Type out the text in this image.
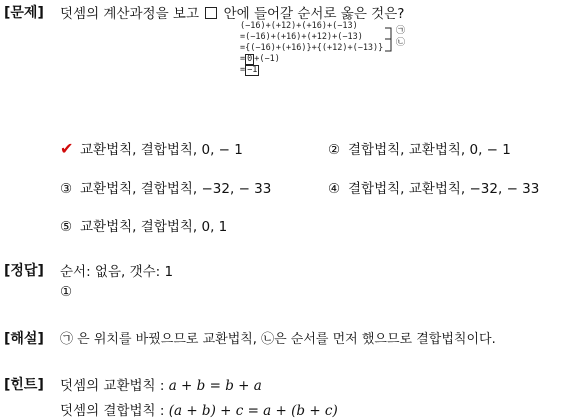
[문제] 덧셈의 계산과정을 보고 안에 들어갈 순서로 옳은 것은?
(−16)+(+12)+(+16)+(−13)
=(−16)+(+16)+(+12)+(−13)
={(−16)+(+16)}+{(+12)+(−13)}
= 0 +(−1)
= −1
㉠
㉡
✔ 교환법칙, 결합법칙, 0, − 1	② 결합법칙, 교환법칙, 0, − 1
③ 교환법칙, 결합법칙, −32, − 33	④ 결합법칙, 교환법칙, −32, − 33
⑤ 교환법칙, 결합법칙, 0, 1
[정답] 순서: 없음, 갯수: 1
①
[해설] ㉠ 은 위치를 바꿨으므로 교환법칙, ㉡은 순서를 먼저 했으므로 결합법칙이다.
[힌트] 덧셈의 교환법칙 : a + b = b + a
덧셈의 결합법칙 : (a + b) + c = a + (b + c)
